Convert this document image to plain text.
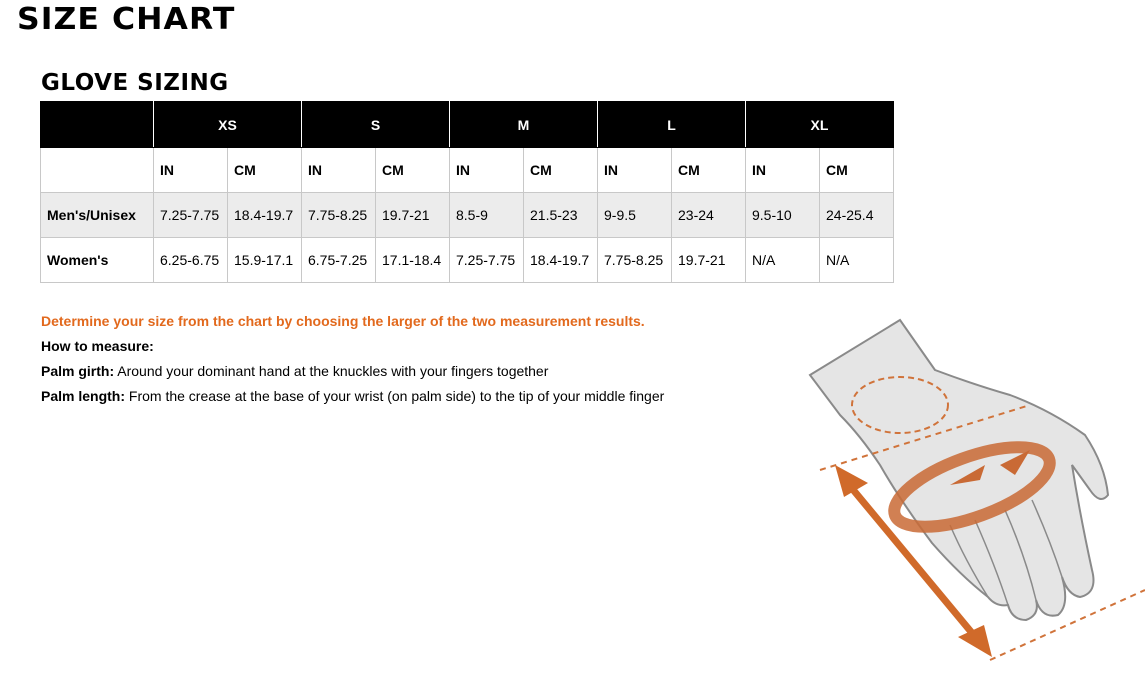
SIZE CHART
GLOVE SIZING
	XS		S		M		L		XL	
	IN	CM	IN	CM	IN	CM	IN	CM	IN	CM
Men's/Unisex	7.25-7.75	18.4-19.7	7.75-8.25	19.7-21	8.5-9	21.5-23	9-9.5	23-24	9.5-10	24-25.4
Women's	6.25-6.75	15.9-17.1	6.75-7.25	17.1-18.4	7.25-7.75	18.4-19.7	7.75-8.25	19.7-21	N/A	N/A
Determine your size from the chart by choosing the larger of the two measurement results.
How to measure:
Palm girth: Around your dominant hand at the knuckles with your fingers together
Palm length: From the crease at the base of your wrist (on palm side) to the tip of your middle finger
